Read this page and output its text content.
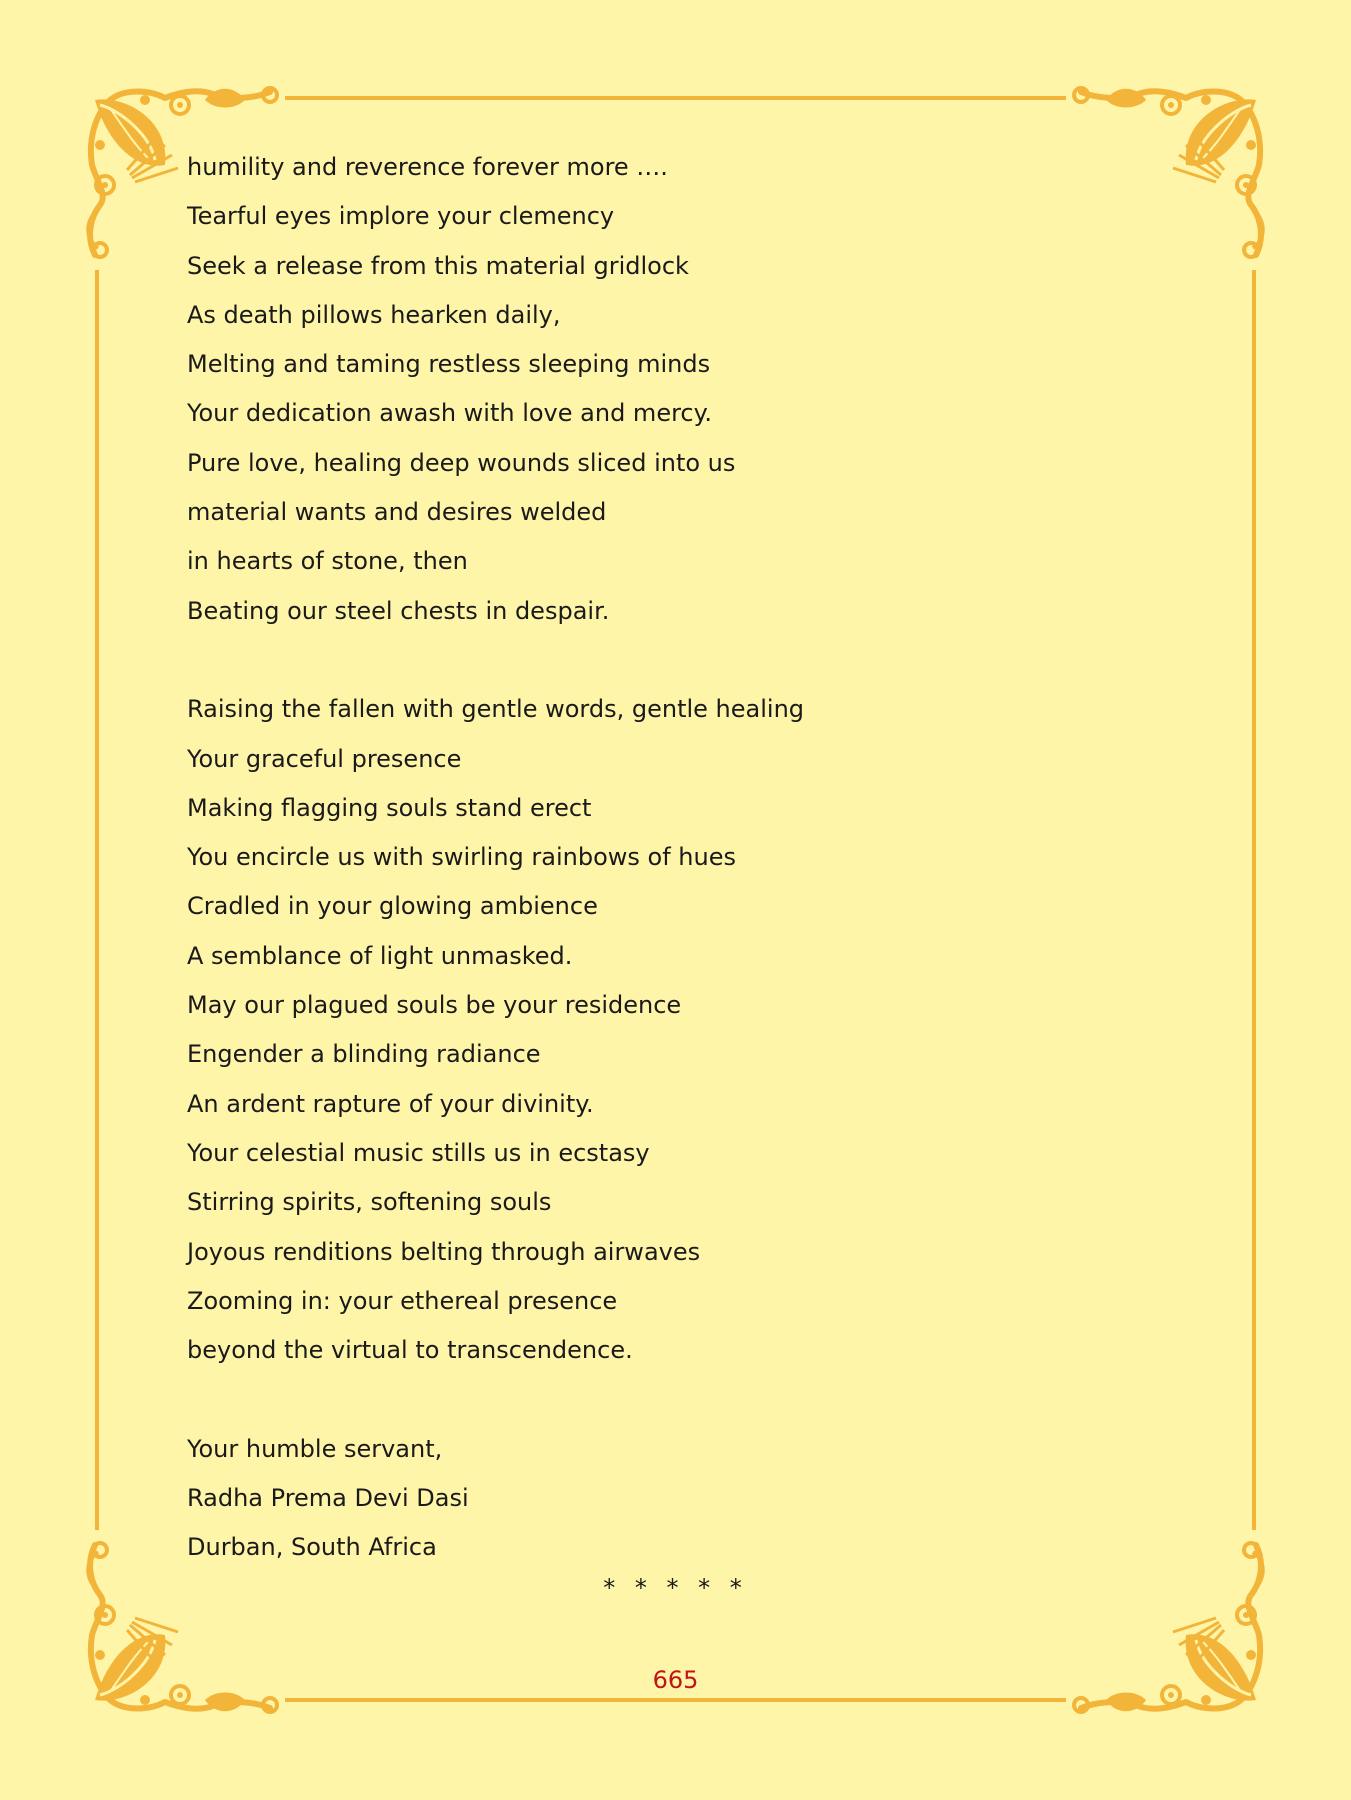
humility and reverence forever more ….
Tearful eyes implore your clemency
Seek a release from this material gridlock
As death pillows hearken daily,
Melting and taming restless sleeping minds
Your dedication awash with love and mercy.
Pure love, healing deep wounds sliced into us
material wants and desires welded
in hearts of stone, then
Beating our steel chests in despair.
Raising the fallen with gentle words, gentle healing
Your graceful presence
Making flagging souls stand erect
You encircle us with swirling rainbows of hues
Cradled in your glowing ambience
A semblance of light unmasked.
May our plagued souls be your residence
Engender a blinding radiance
An ardent rapture of your divinity.
Your celestial music stills us in ecstasy
Stirring spirits, softening souls
Joyous renditions belting through airwaves
Zooming in: your ethereal presence
beyond the virtual to transcendence.
Your humble servant,
Radha Prema Devi Dasi
Durban, South Africa
* * * * *
665
